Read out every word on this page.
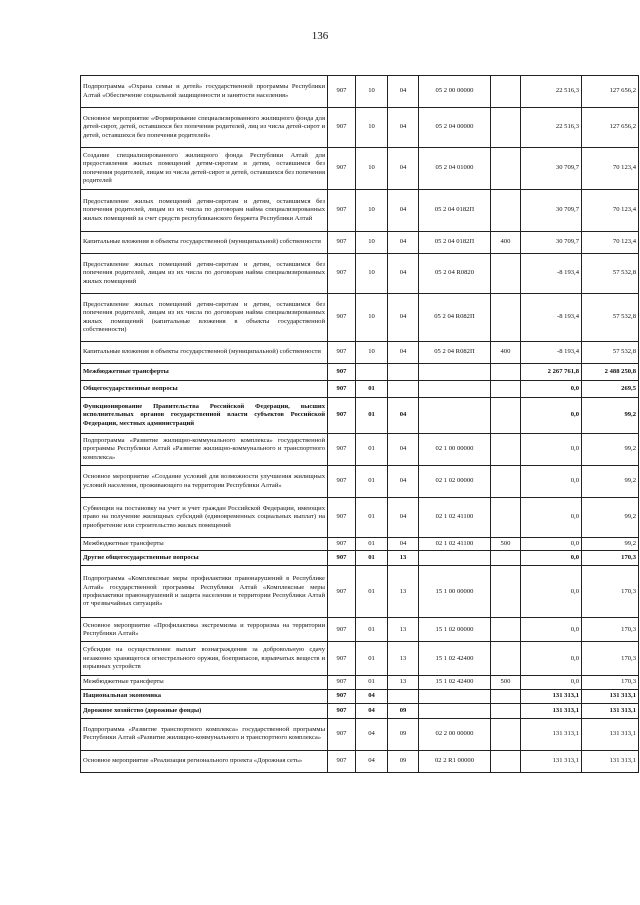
136
Подпрограмма «Охрана семьи и детей» государственной программы Республики Алтай «Обеспечение социальной защищенности и занятости населения»	907	10	04	05 2 00 00000		22 516,3	127 656,2
Основное мероприятие «Формирование специализированного жилищного фонда для детей-сирот, детей, оставшихся без попечения родителей, лиц из числа детей-сирот и детей, оставшихся без попечения родителей»	907	10	04	05 2 04 00000		22 516,3	127 656,2
Создание специализированного жилищного фонда Республики Алтай для предоставления жилых помещений детям-сиротам и детям, оставшимся без попечения родителей, лицам из числа детей-сирот и детей, оставшихся без попечения родителей	907	10	04	05 2 04 01000		30 709,7	70 123,4
Предоставление жилых помещений детям-сиротам и детям, оставшимся без попечения родителей, лицам из их числа по договорам найма специализированных жилых помещений за счет средств республиканского бюджета Республики Алтай	907	10	04	05 2 04 0182П		30 709,7	70 123,4
Капитальные вложения в объекты государственной (муниципальной) собственности	907	10	04	05 2 04 0182П	400	30 709,7	70 123,4
Предоставление жилых помещений детям-сиротам и детям, оставшимся без попечения родителей, лицам из их числа по договорам найма специализированных жилых помещений	907	10	04	05 2 04 R0820		-8 193,4	57 532,8
Предоставление жилых помещений детям-сиротам и детям, оставшимся без попечения родителей, лицам из их числа по договорам найма специализированных жилых помещений (капитальные вложения в объекты государственной собственности)	907	10	04	05 2 04 R082П		-8 193,4	57 532,8
Капитальные вложения в объекты государственной (муниципальной) собственности	907	10	04	05 2 04 R082П	400	-8 193,4	57 532,8
Межбюджетные трансферты	907					2 267 761,8	2 488 250,8
Общегосударственные вопросы	907	01				0,0	269,5
Функционирование Правительства Российской Федерации, высших исполнительных органов государственной власти субъектов Российской Федерации, местных администраций	907	01	04			0,0	99,2
Подпрограмма «Развитие жилищно-коммунального комплекса» государственной программы Республики Алтай «Развитие жилищно-коммунального и транспортного комплекса»	907	01	04	02 1 00 00000		0,0	99,2
Основное мероприятие «Создание условий для возможности улучшения жилищных условий населения, проживающего на территории Республики Алтай»	907	01	04	02 1 02 00000		0,0	99,2
Субвенции на постановку на учет и учет граждан Российской Федерации, имеющих право на получение жилищных субсидий (единовременных социальных выплат) на приобретение или строительство жилых помещений	907	01	04	02 1 02 41100		0,0	99,2
Межбюджетные трансферты	907	01	04	02 1 02 41100	500	0,0	99,2
Другие общегосударственные вопросы	907	01	13			0,0	170,3
Подпрограмма «Комплексные меры профилактики правонарушений в Республике Алтай» государственной программы Республики Алтай «Комплексные меры профилактики правонарушений и защита населения и территории Республики Алтай от чрезвычайных ситуаций»	907	01	13	15 1 00 00000		0,0	170,3
Основное мероприятие «Профилактика экстремизма и терроризма на территории Республики Алтай»	907	01	13	15 1 02 00000		0,0	170,3
Субсидии на осуществление выплат вознаграждения за добровольную сдачу незаконно хранящегося огнестрельного оружия, боеприпасов, взрывчатых веществ и взрывных устройств	907	01	13	15 1 02 42400		0,0	170,3
Межбюджетные трансферты	907	01	13	15 1 02 42400	500	0,0	170,3
Национальная экономика	907	04				131 313,1	131 313,1
Дорожное хозяйство (дорожные фонды)	907	04	09			131 313,1	131 313,1
Подпрограмма «Развитие транспортного комплекса» государственной программы Республики Алтай «Развитие жилищно-коммунального и транспортного комплекса»	907	04	09	02 2 00 00000		131 313,1	131 313,1
Основное мероприятие «Реализация регионального проекта «Дорожная сеть»	907	04	09	02 2 R1 00000		131 313,1	131 313,1
